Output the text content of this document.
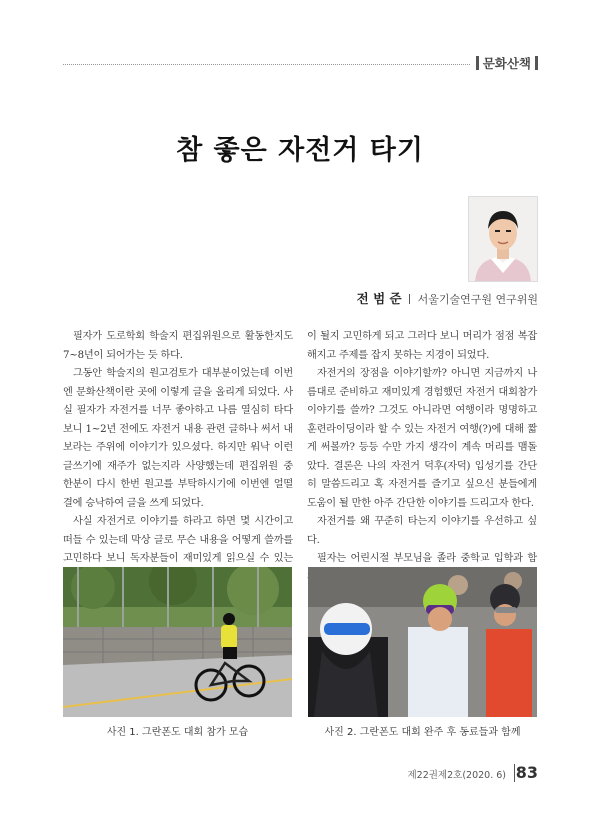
문화산책
참 좋은 자전거 타기
전 범 준 서울기술연구원 연구위원

필자가 도로학회 학술지 편집위원으로 활동한지도 7~8년이 되어가는 듯 하다.

그동안 학술지의 원고검토가 대부분이었는데 이번엔 문화산책이란 곳에 이렇게 글을 올리게 되었다. 사실 필자가 자전거를 너무 좋아하고 나름 열심히 타다 보니 1~2년 전에도 자전거 내용 관련 글하나 써서 내 보라는 주위에 이야기가 있으셨다. 하지만 워낙 이런 글쓰기에 재주가 없는지라 사양했는데 편집위원 중 한분이 다시 한번 원고를 부탁하시기에 이번엔 얼떨결에 승낙하여 글을 쓰게 되었다.

사실 자전거로 이야기를 하라고 하면 몇 시간이고 떠들 수 있는데 막상 글로 무슨 내용을 어떻게 쓸까를 고민하다 보니 독자분들이 재미있게 읽으실 수 있는

이 될지 고민하게 되고 그러다 보니 머리가 점점 복잡해지고 주제를 잡지 못하는 지경이 되었다.

자전거의 장점을 이야기할까? 아니면 지금까지 나름대로 준비하고 재미있게 경험했던 자전거 대회참가 이야기를 쓸까? 그것도 아니라면 여행이라 명명하고 훈련라이딩이라 할 수 있는 자전거 여행(?)에 대해 짧게 써볼까? 등등 수만 가지 생각이 계속 머리를 맴돌았다. 결론은 나의 자전거 덕후(자덕) 입성기를 간단히 말씀드리고 혹 자전거를 즐기고 싶으신 분들에게 도움이 될 만한 아주 간단한 이야기를 드리고자 한다.

자전거를 왜 꾸준히 타는지 이야기를 우선하고 싶다.

필자는 어린시절 부모님을 졸라 중학교 입학과 함

사진 1. 그란폰도 대회 참가 모습	사진 2. 그란폰도 대회 완주 후 동료들과 함께
제22권제2호(2020. 6) 83
